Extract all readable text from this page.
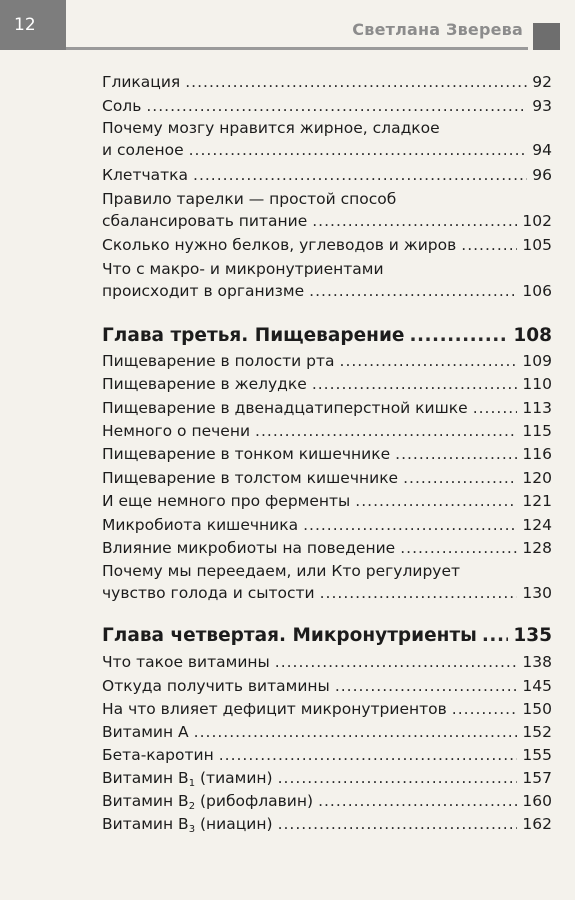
12	Светлана Зверева
Гликация .....	92
Соль .....	93
Почему мозгу нравится жирное, сладкое
и соленое .....	94
Клетчатка .....	96
Правило тарелки — простой способ
сбалансировать питание .....	102
Сколько нужно белков, углеводов и жиров .....	105
Что с макро- и микронутриентами
происходит в организме .....	106
Глава третья. Пищеварение .....	108
Пищеварение в полости рта .....	109
Пищеварение в желудке .....	110
Пищеварение в двенадцатиперстной кишке .....	113
Немного о печени .....	115
Пищеварение в тонком кишечнике .....	116
Пищеварение в толстом кишечнике .....	120
И еще немного про ферменты .....	121
Микробиота кишечника .....	124
Влияние микробиоты на поведение .....	128
Почему мы переедаем, или Кто регулирует
чувство голода и сытости .....	130
Глава четвертая. Микронутриенты ..... 135
Что такое витамины .....	138
Откуда получить витамины .....	145
На что влияет дефицит микронутриентов .....	150
Витамин А .....	152
Бета-каротин .....	155
Витамин $B_1$ (тиамин) .....	157
Витамин $B_2$ (рибофлавин) .....	160
Витамин $B_3$ (ниацин) .....	162
